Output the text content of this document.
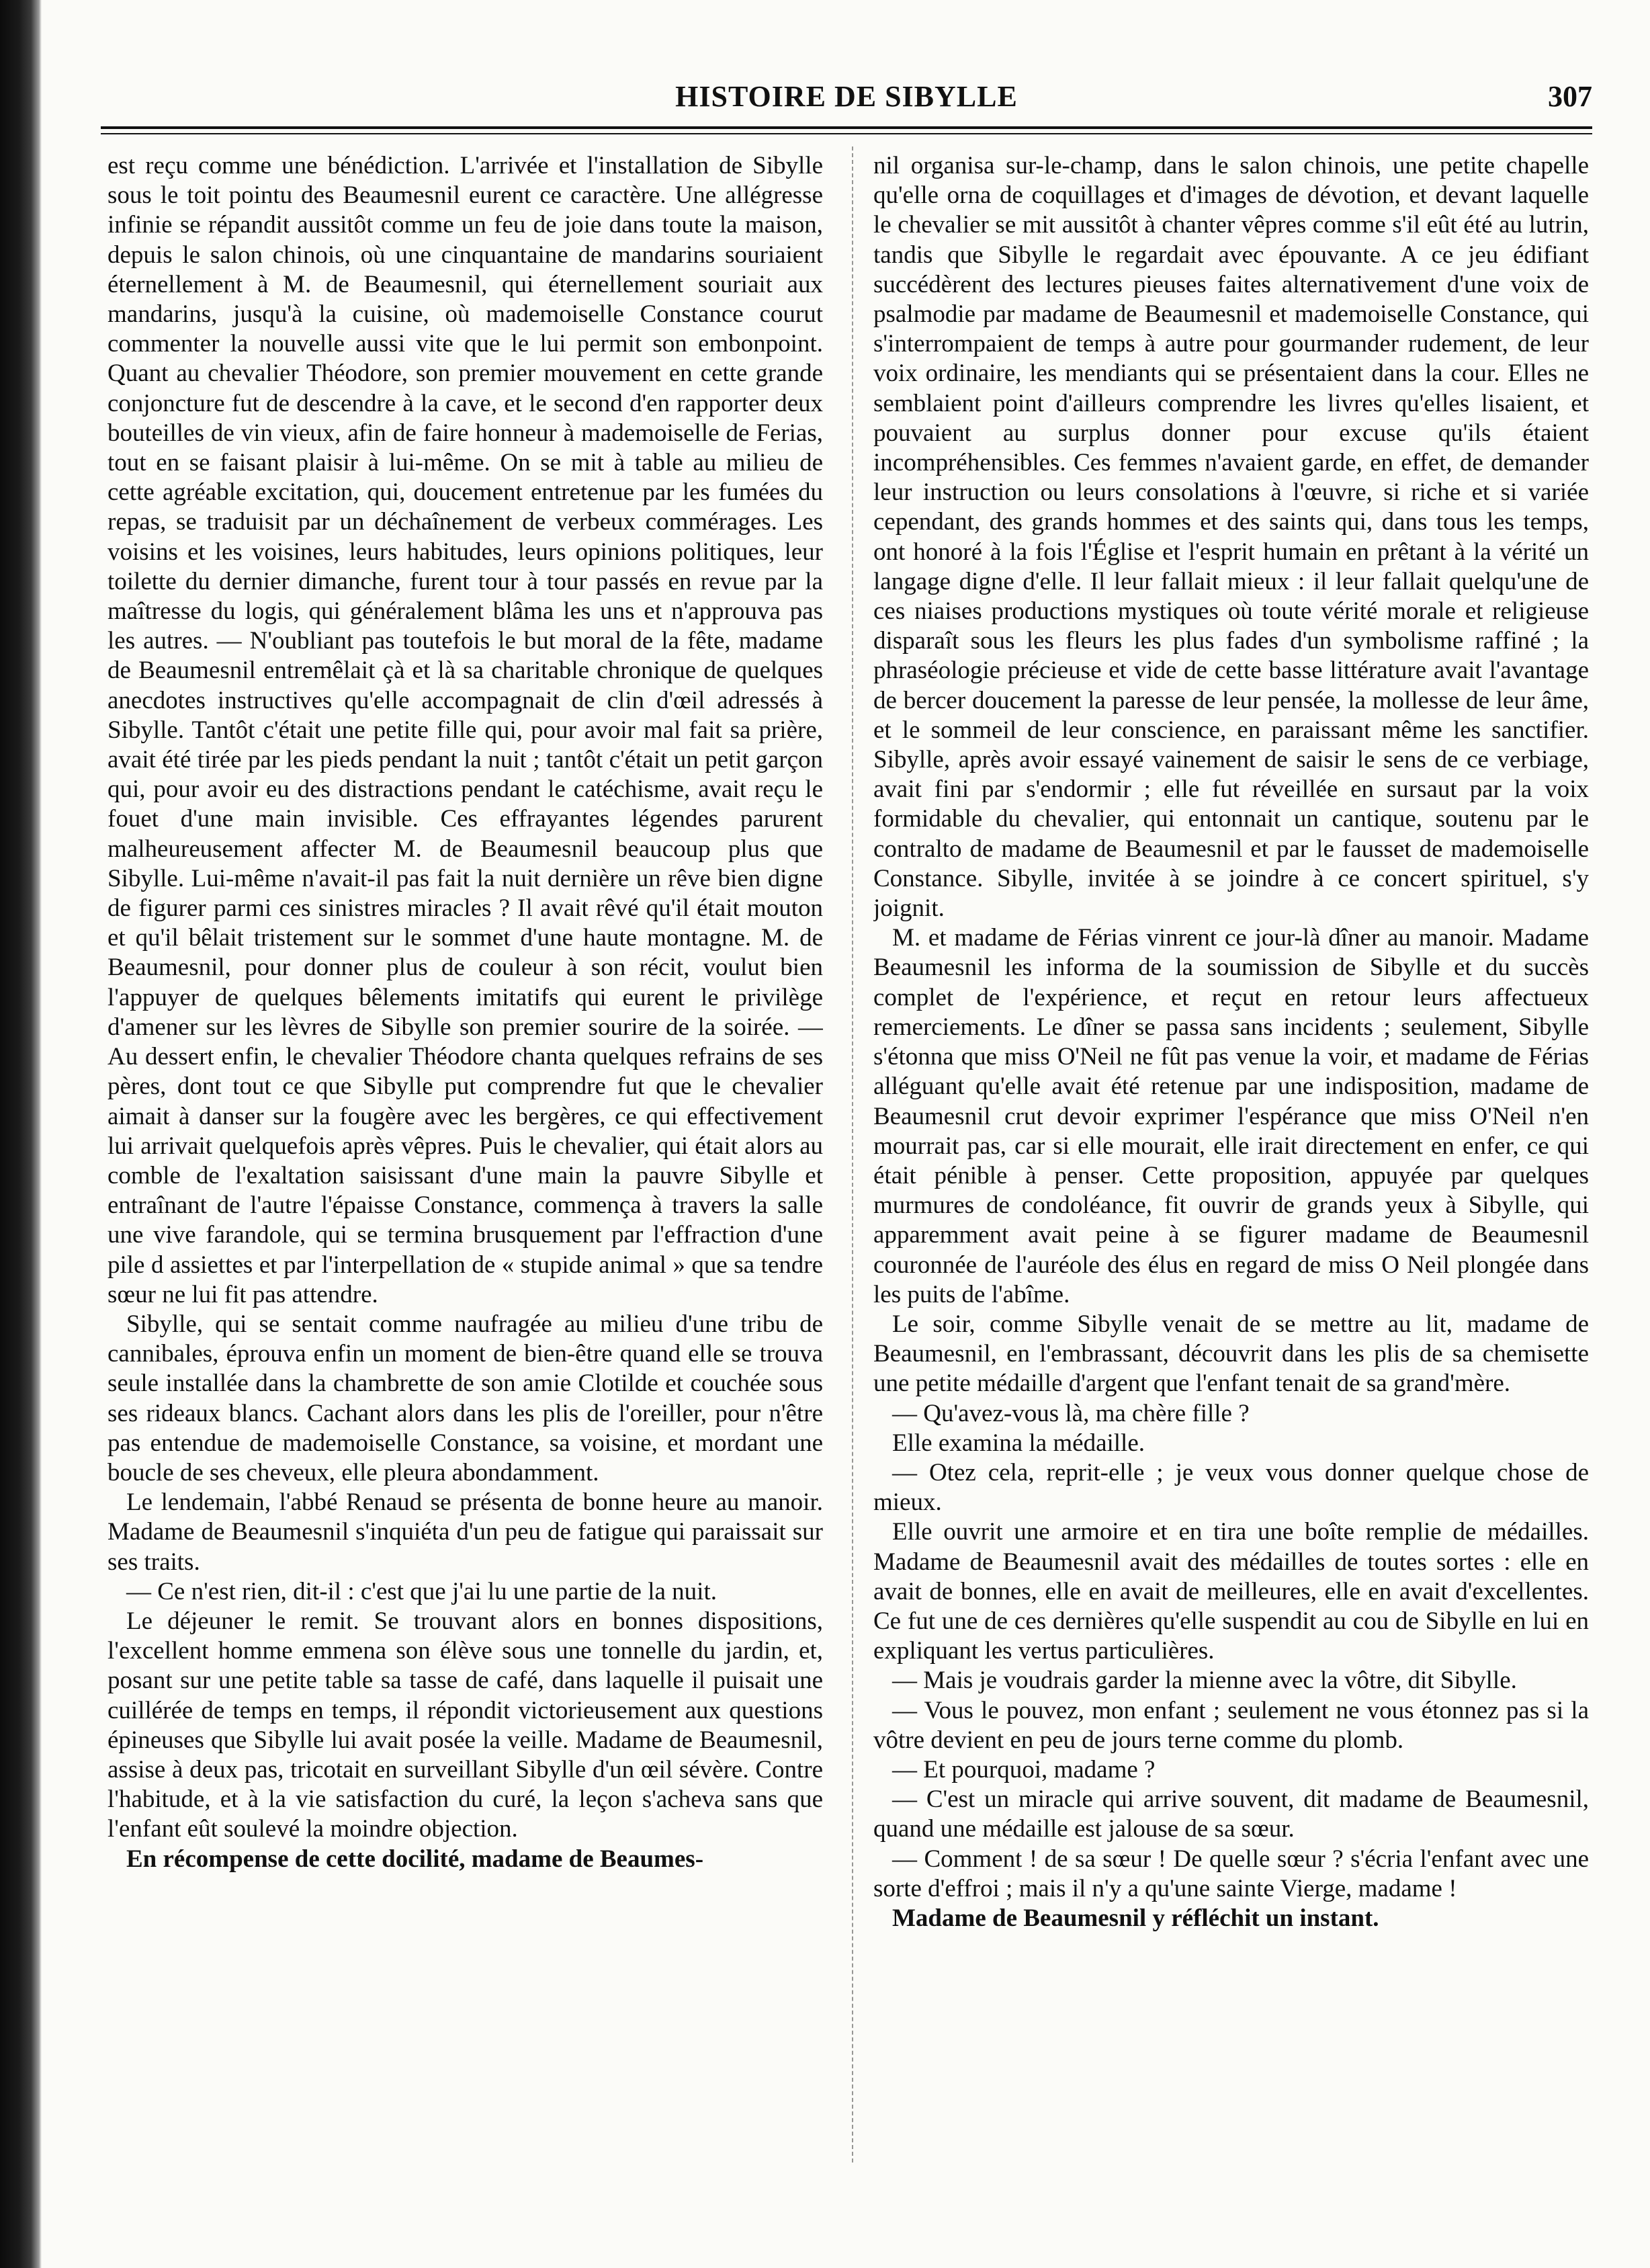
HISTOIRE DE SIBYLLE	307

est reçu comme une bénédiction. L'arrivée et l'installation de Sibylle sous le toit pointu des Beaumesnil eurent ce caractère. Une allégresse infinie se répandit aussitôt comme un feu de joie dans toute la maison, depuis le salon chinois, où une cinquantaine de mandarins souriaient éternellement à M. de Beaumesnil, qui éternellement souriait aux mandarins, jusqu'à la cuisine, où mademoiselle Constance courut commenter la nouvelle aussi vite que le lui permit son embonpoint. Quant au chevalier Théodore, son premier mouvement en cette grande conjoncture fut de descendre à la cave, et le second d'en rapporter deux bouteilles de vin vieux, afin de faire honneur à mademoiselle de Ferias, tout en se faisant plaisir à lui-même. On se mit à table au milieu de cette agréable excitation, qui, doucement entretenue par les fumées du repas, se traduisit par un déchaînement de verbeux commérages. Les voisins et les voisines, leurs habitudes, leurs opinions politiques, leur toilette du dernier dimanche, furent tour à tour passés en revue par la maîtresse du logis, qui généralement blâma les uns et n'approuva pas les autres. — N'oubliant pas toutefois le but moral de la fête, madame de Beaumesnil entremêlait çà et là sa charitable chronique de quelques anecdotes instructives qu'elle accompagnait de clin d'œil adressés à Sibylle. Tantôt c'était une petite fille qui, pour avoir mal fait sa prière, avait été tirée par les pieds pendant la nuit ; tantôt c'était un petit garçon qui, pour avoir eu des distractions pendant le catéchisme, avait reçu le fouet d'une main invisible. Ces effrayantes légendes parurent malheureusement affecter M. de Beaumesnil beaucoup plus que Sibylle. Lui-même n'avait-il pas fait la nuit dernière un rêve bien digne de figurer parmi ces sinistres miracles ? Il avait rêvé qu'il était mouton et qu'il bêlait tristement sur le sommet d'une haute montagne. M. de Beaumesnil, pour donner plus de couleur à son récit, voulut bien l'appuyer de quelques bêlements imitatifs qui eurent le privilège d'amener sur les lèvres de Sibylle son premier sourire de la soirée. — Au dessert enfin, le chevalier Théodore chanta quelques refrains de ses pères, dont tout ce que Sibylle put comprendre fut que le chevalier aimait à danser sur la fougère avec les bergères, ce qui effectivement lui arrivait quelquefois après vêpres. Puis le chevalier, qui était alors au comble de l'exaltation saisissant d'une main la pauvre Sibylle et entraînant de l'autre l'épaisse Constance, commença à travers la salle une vive farandole, qui se termina brusquement par l'effraction d'une pile d assiettes et par l'interpellation de « stupide animal » que sa tendre sœur ne lui fit pas attendre.

Sibylle, qui se sentait comme naufragée au milieu d'une tribu de cannibales, éprouva enfin un moment de bien-être quand elle se trouva seule installée dans la chambrette de son amie Clotilde et couchée sous ses rideaux blancs. Cachant alors dans les plis de l'oreiller, pour n'être pas entendue de mademoiselle Constance, sa voisine, et mordant une boucle de ses cheveux, elle pleura abondamment.

Le lendemain, l'abbé Renaud se présenta de bonne heure au manoir. Madame de Beaumesnil s'inquiéta d'un peu de fatigue qui paraissait sur ses traits.

— Ce n'est rien, dit-il : c'est que j'ai lu une partie de la nuit.

Le déjeuner le remit. Se trouvant alors en bonnes dispositions, l'excellent homme emmena son élève sous une tonnelle du jardin, et, posant sur une petite table sa tasse de café, dans laquelle il puisait une cuillérée de temps en temps, il répondit victorieusement aux questions épineuses que Sibylle lui avait posée la veille. Madame de Beaumesnil, assise à deux pas, tricotait en surveillant Sibylle d'un œil sévère. Contre l'habitude, et à la vie satisfaction du curé, la leçon s'acheva sans que l'enfant eût soulevé la moindre objection.

En récompense de cette docilité, madame de Beaumes-

nil organisa sur-le-champ, dans le salon chinois, une petite chapelle qu'elle orna de coquillages et d'images de dévotion, et devant laquelle le chevalier se mit aussitôt à chanter vêpres comme s'il eût été au lutrin, tandis que Sibylle le regardait avec épouvante. A ce jeu édifiant succédèrent des lectures pieuses faites alternativement d'une voix de psalmodie par madame de Beaumesnil et mademoiselle Constance, qui s'interrompaient de temps à autre pour gourmander rudement, de leur voix ordinaire, les mendiants qui se présentaient dans la cour. Elles ne semblaient point d'ailleurs comprendre les livres qu'elles lisaient, et pouvaient au surplus donner pour excuse qu'ils étaient incompréhensibles. Ces femmes n'avaient garde, en effet, de demander leur instruction ou leurs consolations à l'œuvre, si riche et si variée cependant, des grands hommes et des saints qui, dans tous les temps, ont honoré à la fois l'Église et l'esprit humain en prêtant à la vérité un langage digne d'elle. Il leur fallait mieux : il leur fallait quelqu'une de ces niaises productions mystiques où toute vérité morale et religieuse disparaît sous les fleurs les plus fades d'un symbolisme raffiné ; la phraséologie précieuse et vide de cette basse littérature avait l'avantage de bercer doucement la paresse de leur pensée, la mollesse de leur âme, et le sommeil de leur conscience, en paraissant même les sanctifier. Sibylle, après avoir essayé vainement de saisir le sens de ce verbiage, avait fini par s'endormir ; elle fut réveillée en sursaut par la voix formidable du chevalier, qui entonnait un cantique, soutenu par le contralto de madame de Beaumesnil et par le fausset de mademoiselle Constance. Sibylle, invitée à se joindre à ce concert spirituel, s'y joignit.

M. et madame de Férias vinrent ce jour-là dîner au manoir. Madame Beaumesnil les informa de la soumission de Sibylle et du succès complet de l'expérience, et reçut en retour leurs affectueux remerciements. Le dîner se passa sans incidents ; seulement, Sibylle s'étonna que miss O'Neil ne fût pas venue la voir, et madame de Férias alléguant qu'elle avait été retenue par une indisposition, madame de Beaumesnil crut devoir exprimer l'espérance que miss O'Neil n'en mourrait pas, car si elle mourait, elle irait directement en enfer, ce qui était pénible à penser. Cette proposition, appuyée par quelques murmures de condoléance, fit ouvrir de grands yeux à Sibylle, qui apparemment avait peine à se figurer madame de Beaumesnil couronnée de l'auréole des élus en regard de miss O Neil plongée dans les puits de l'abîme.

Le soir, comme Sibylle venait de se mettre au lit, madame de Beaumesnil, en l'embrassant, découvrit dans les plis de sa chemisette une petite médaille d'argent que l'enfant tenait de sa grand'mère.

— Qu'avez-vous là, ma chère fille ?

Elle examina la médaille.

— Otez cela, reprit-elle ; je veux vous donner quelque chose de mieux.

Elle ouvrit une armoire et en tira une boîte remplie de médailles. Madame de Beaumesnil avait des médailles de toutes sortes : elle en avait de bonnes, elle en avait de meilleures, elle en avait d'excellentes. Ce fut une de ces dernières qu'elle suspendit au cou de Sibylle en lui en expliquant les vertus particulières.

— Mais je voudrais garder la mienne avec la vôtre, dit Sibylle.

— Vous le pouvez, mon enfant ; seulement ne vous étonnez pas si la vôtre devient en peu de jours terne comme du plomb.

— Et pourquoi, madame ?

— C'est un miracle qui arrive souvent, dit madame de Beaumesnil, quand une médaille est jalouse de sa sœur.

— Comment ! de sa sœur ! De quelle sœur ? s'écria l'enfant avec une sorte d'effroi ; mais il n'y a qu'une sainte Vierge, madame !

Madame de Beaumesnil y réfléchit un instant.
